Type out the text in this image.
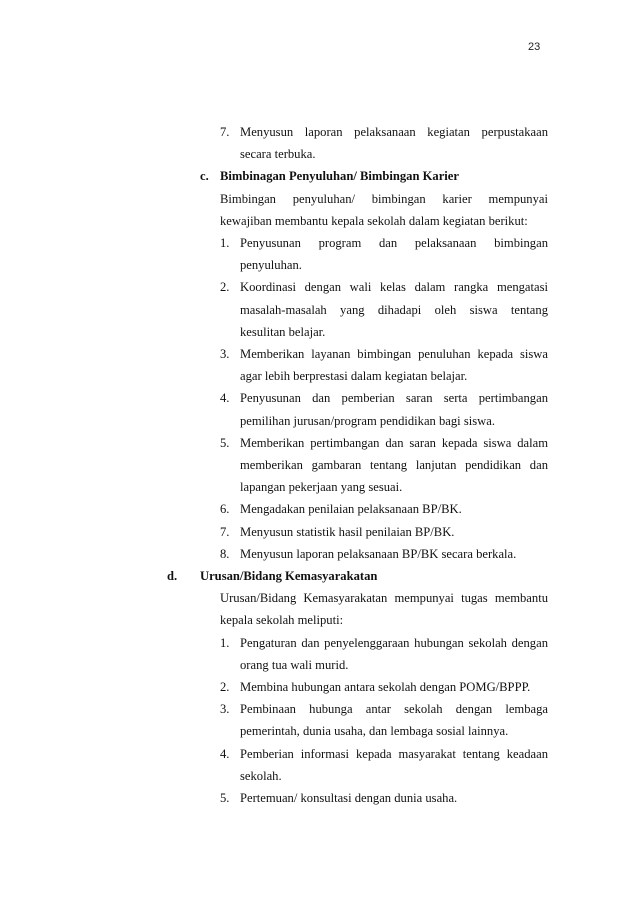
23
7. Menyusun laporan pelaksanaan kegiatan perpustakaan
secara terbuka.
c. Bimbinagan Penyuluhan/ Bimbingan Karier
Bimbingan penyuluhan/ bimbingan karier mempunyai
kewajiban membantu kepala sekolah dalam kegiatan berikut:
1. Penyusunan program dan pelaksanaan bimbingan
penyuluhan.
2. Koordinasi dengan wali kelas dalam rangka mengatasi
masalah-masalah yang dihadapi oleh siswa tentang
kesulitan belajar.
3. Memberikan layanan bimbingan penuluhan kepada siswa
agar lebih berprestasi dalam kegiatan belajar.
4. Penyusunan dan pemberian saran serta pertimbangan
pemilihan jurusan/program pendidikan bagi siswa.
5. Memberikan pertimbangan dan saran kepada siswa dalam
memberikan gambaran tentang lanjutan pendidikan dan
lapangan pekerjaan yang sesuai.
6. Mengadakan penilaian pelaksanaan BP/BK.
7. Menyusun statistik hasil penilaian BP/BK.
8. Menyusun laporan pelaksanaan BP/BK secara berkala.
d.	Urusan/Bidang Kemasyarakatan
Urusan/Bidang Kemasyarakatan mempunyai tugas membantu
kepala sekolah meliputi:
1. Pengaturan dan penyelenggaraan hubungan sekolah dengan
orang tua wali murid.
2. Membina hubungan antara sekolah dengan POMG/BPPP.
3. Pembinaan hubunga antar sekolah dengan lembaga
pemerintah, dunia usaha, dan lembaga sosial lainnya.
4. Pemberian informasi kepada masyarakat tentang keadaan
sekolah.
5. Pertemuan/ konsultasi dengan dunia usaha.
